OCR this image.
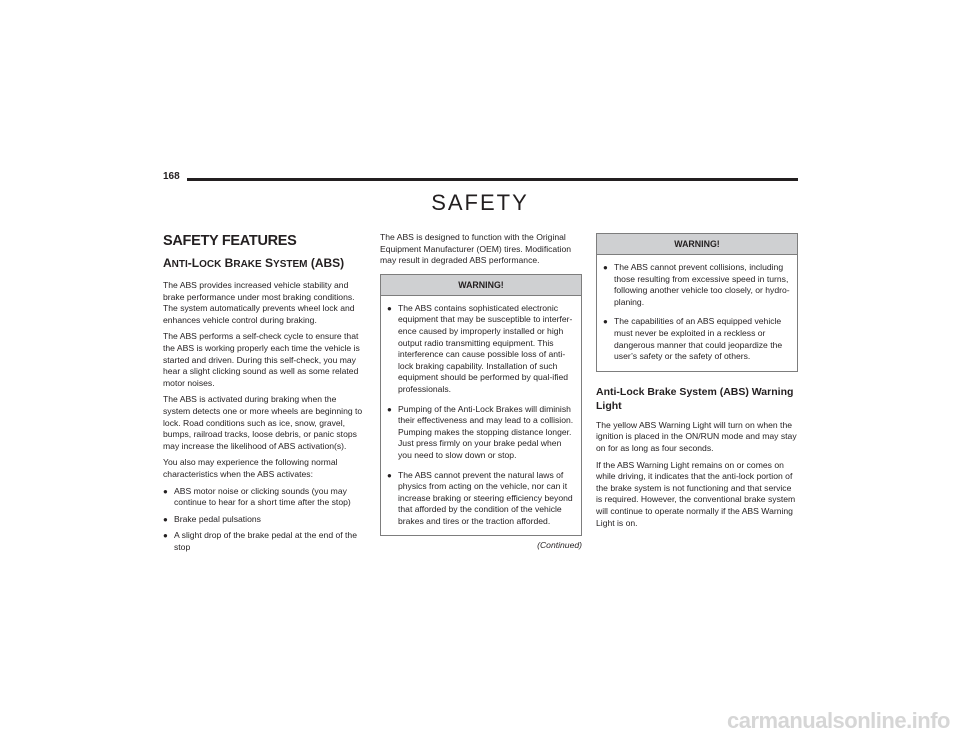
168
SAFETY
SAFETY FEATURES
ANTI-LOCK BRAKE SYSTEM (ABS)

The ABS provides increased vehicle stability and brake performance under most braking conditions. The system automatically prevents wheel lock and enhances vehicle control during braking.

The ABS performs a self-check cycle to ensure that the ABS is working properly each time the vehicle is started and driven. During this self-check, you may hear a slight clicking sound as well as some related motor noises.

The ABS is activated during braking when the system detects one or more wheels are beginning to lock. Road conditions such as ice, snow, gravel, bumps, railroad tracks, loose debris, or panic stops may increase the likelihood of ABS activation(s).

You also may experience the following normal characteristics when the ABS activates:

● ABS motor noise or clicking sounds (you may continue to hear for a short time after the stop)
● Brake pedal pulsations
● A slight drop of the brake pedal at the end of the stop

The ABS is designed to function with the Original Equipment Manufacturer (OEM) tires. Modification may result in degraded ABS performance.

WARNING!
● The ABS contains sophisticated electronic equipment that may be susceptible to interfer-ence caused by improperly installed or high output radio transmitting equipment. This interference can cause possible loss of anti-lock braking capability. Installation of such equipment should be performed by qual-ified professionals.
● Pumping of the Anti-Lock Brakes will diminish their effectiveness and may lead to a collision. Pumping makes the stopping distance longer. Just press firmly on your brake pedal when you need to slow down or stop.
● The ABS cannot prevent the natural laws of physics from acting on the vehicle, nor can it increase braking or steering efficiency beyond that afforded by the condition of the vehicle brakes and tires or the traction afforded.
(Continued)
WARNING!
● The ABS cannot prevent collisions, including those resulting from excessive speed in turns, following another vehicle too closely, or hydro-planing.
● The capabilities of an ABS equipped vehicle must never be exploited in a reckless or dangerous manner that could jeopardize the user’s safety or the safety of others.
Anti-Lock Brake System (ABS) Warning Light

The yellow ABS Warning Light will turn on when the ignition is placed in the ON/RUN mode and may stay on for as long as four seconds.

If the ABS Warning Light remains on or comes on while driving, it indicates that the anti-lock portion of the brake system is not functioning and that service is required. However, the conventional brake system will continue to operate normally if the ABS Warning Light is on.

carmanualsonline.info
